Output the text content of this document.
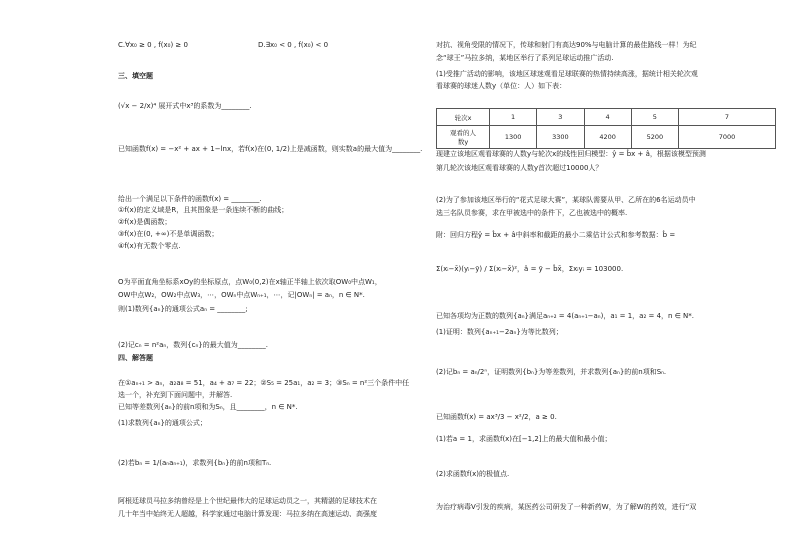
C.∀x₀ ≥ 0 , f(x₀) ≥ 0	D.∃x₀ < 0 , f(x₀) < 0
三、填空题
(√x − 2/x)⁴ 展开式中x³的系数为________.
已知函数f(x) = −x² + ax + 1−lnx，若f(x)在(0, 1/2)上是减函数，则实数a的最大值为________.
给出一个满足以下条件的函数f(x) = ________.
①f(x)的定义域是R，且其图象是一条连续不断的曲线；
②f(x)是偶函数；
③f(x)在(0, +∞)不是单调函数；
④f(x)有无数个零点.
O为平面直角坐标系xOy的坐标原点，点W₀(0,2)在x轴正半轴上依次取OW₀中点W₁，
OW中点W₂，OW₂中点W₃，⋯，OWₙ中点Wₙ₊₁，⋯，记|OWₙ| = aₙ，n ∈ N*.
则(1)数列{aₙ}的通项公式aₙ = ________;
(2)记cₙ = n²aₙ，数列{cₙ}的最大值为________.
四、解答题
在①aₙ₊₁ > aₙ，a₂a₈ = 51，a₄ + a₇ = 22；②S₅ = 25a₁，a₂ = 3；③Sₙ = n²三个条件中任
选一个，补充到下面问题中，并解答.
已知等差数列{aₙ}的前n项和为Sₙ，且________，n ∈ N*.
(1)求数列{aₙ}的通项公式；
(2)若bₙ = 1/(aₙaₙ₊₁)，求数列{bₙ}的前n项和Tₙ.
阿根廷球员马拉多纳曾经是上个世纪最伟大的足球运动员之一，其精湛的足球技术在
几十年当中始终无人超越，科学家通过电脑计算发现：马拉多纳在高速运动、高强度
对抗、视角受限的情况下，传球和射门有高达90%与电脑计算的最佳路线一样！为纪
念“球王”马拉多纳，某地区举行了系列足球运动推广活动.
(1)受推广活动的影响，该地区球迷观看足球联赛的热情持续高涨，据统计相关轮次观
看球赛的球迷人数y（单位：人）如下表：
轮次x	1	3	4	5	7
观看的人
数y	1300	3300	4200	5200	7000
现建立该地区观看球赛的人数y与轮次x的线性回归模型：ŷ = b̂x + â，根据该模型预测
第几轮次该地区观看球赛的人数y首次超过10000人？
(2)为了参加该地区举行的“花式足球大赛”，某球队需要从甲、乙所在的6名运动员中
选三名队员参赛，求在甲被选中的条件下，乙也被选中的概率.
附：回归方程ŷ = b̂x + â中斜率和截距的最小二乘估计公式和参考数据：b̂ =
Σ(xᵢ−x̄)(yᵢ−ȳ) / Σ(xᵢ−x̄)²，â = ȳ − b̂x̄，Σxᵢyᵢ = 103000.
已知各项均为正数的数列{aₙ}满足aₙ₊₂ = 4(aₙ₊₁−aₙ)，a₁ = 1，a₂ = 4，n ∈ N*.
(1)证明：数列{aₙ₊₁−2aₙ}为等比数列；
(2)记bₙ = aₙ/2ⁿ，证明数列{bₙ}为等差数列，并求数列{aₙ}的前n项和Sₙ.
已知函数f(x) = ax³/3 − x²/2，a ≥ 0.
(1)若a = 1，求函数f(x)在[−1,2]上的最大值和最小值；
(2)求函数f(x)的极值点.
为治疗病毒V引发的疾病，某医药公司研发了一种新药W，为了解W的药效，进行“双
